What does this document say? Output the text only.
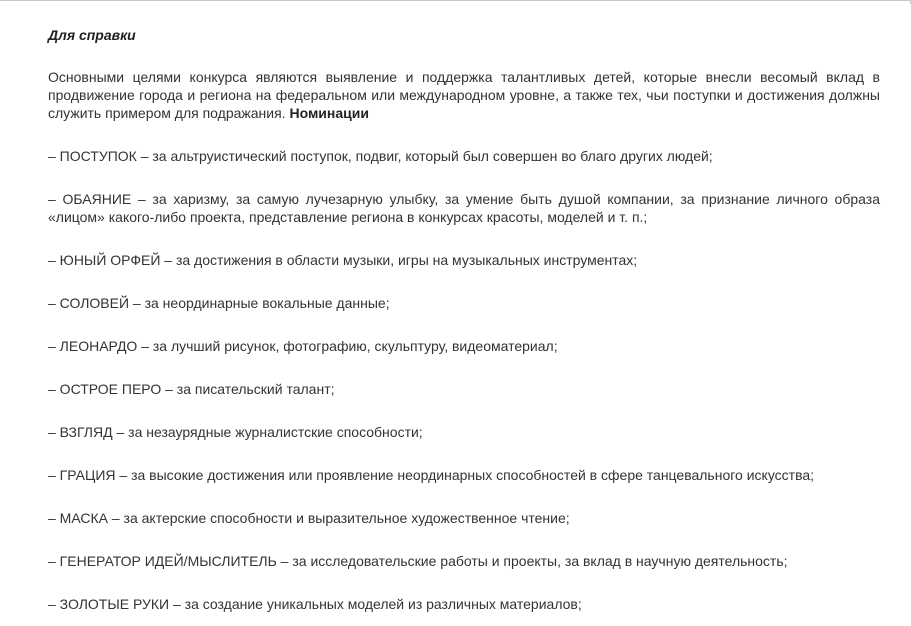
Для справки

Основными целями конкурса являются выявление и поддержка талантливых детей, которые внесли весомый вклад в продвижение города и региона на федеральном или международном уровне, а также тех, чьи поступки и достижения должны служить примером для подражания. Номинации

– ПОСТУПОК – за альтруистический поступок, подвиг, который был совершен во благо других людей;

– ОБАЯНИЕ – за харизму, за самую лучезарную улыбку, за умение быть душой компании, за признание личного образа «лицом» какого-либо проекта, представление региона в конкурсах красоты, моделей и т. п.;

– ЮНЫЙ ОРФЕЙ – за достижения в области музыки, игры на музыкальных инструментах;

– СОЛОВЕЙ – за неординарные вокальные данные;

– ЛЕОНАРДО – за лучший рисунок, фотографию, скульптуру, видеоматериал;

– ОСТРОЕ ПЕРО – за писательский талант;

– ВЗГЛЯД – за незаурядные журналистские способности;

– ГРАЦИЯ – за высокие достижения или проявление неординарных способностей в сфере танцевального искусства;

– МАСКА – за актерские способности и выразительное художественное чтение;

– ГЕНЕРАТОР ИДЕЙ/МЫСЛИТЕЛЬ – за исследовательские работы и проекты, за вклад в научную деятельность;

– ЗОЛОТЫЕ РУКИ – за создание уникальных моделей из различных материалов;
